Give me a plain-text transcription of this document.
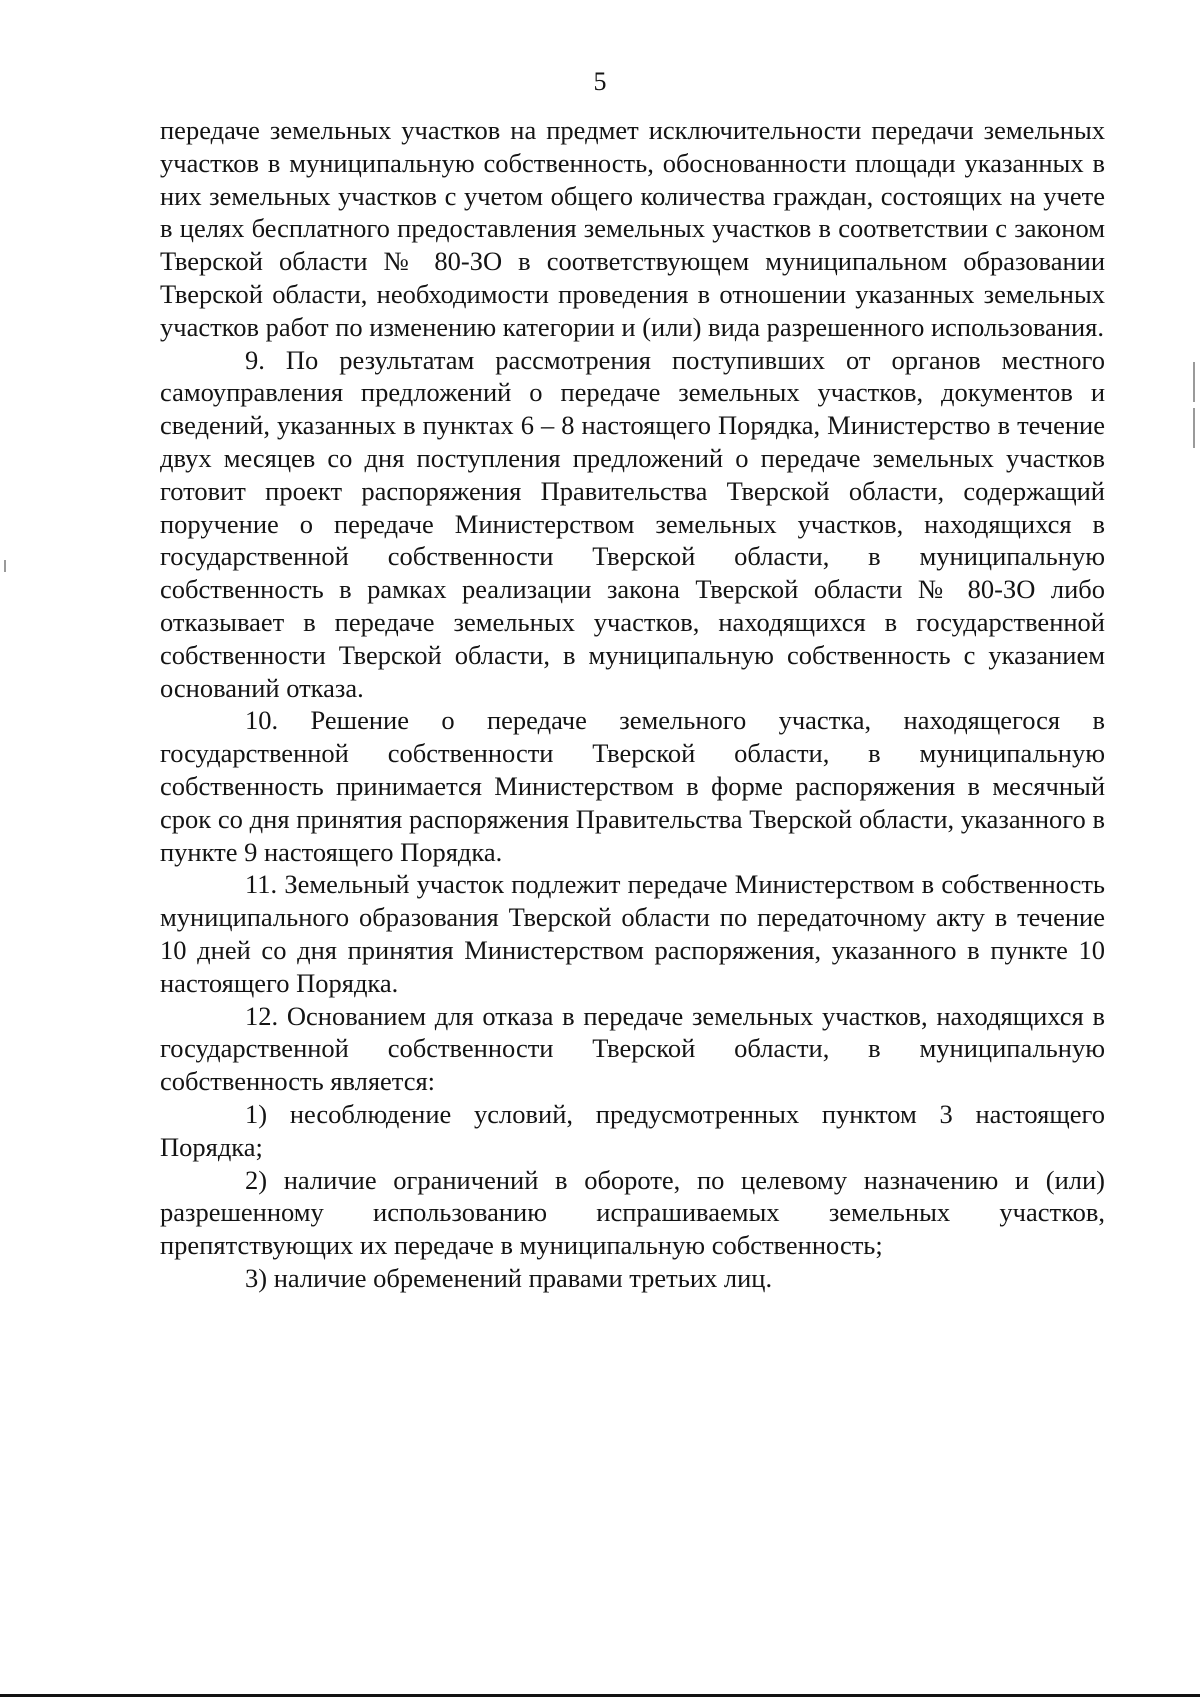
5

передаче земельных участков на предмет исключительности передачи земельных участков в муниципальную собственность, обоснованности площади указанных в них земельных участков с учетом общего количества граждан, состоящих на учете в целях бесплатного предоставления земельных участков в соответствии с законом Тверской области № 80-ЗО в соответствующем муниципальном образовании Тверской области, необходимости проведения в отношении указанных земельных участков работ по изменению категории и (или) вида разрешенного использования.

9. По результатам рассмотрения поступивших от органов местного самоуправления предложений о передаче земельных участков, документов и сведений, указанных в пунктах 6 – 8 настоящего Порядка, Министерство в течение двух месяцев со дня поступления предложений о передаче земельных участков готовит проект распоряжения Правительства Тверской области, содержащий поручение о передаче Министерством земельных участков, находящихся в государственной собственности Тверской области, в муниципальную собственность в рамках реализации закона Тверской области № 80-ЗО либо отказывает в передаче земельных участков, находящихся в государственной собственности Тверской области, в муниципальную собственность с указанием оснований отказа.

10. Решение о передаче земельного участка, находящегося в государственной собственности Тверской области, в муниципальную собственность принимается Министерством в форме распоряжения в месячный срок со дня принятия распоряжения Правительства Тверской области, указанного в пункте 9 настоящего Порядка.

11. Земельный участок подлежит передаче Министерством в собственность муниципального образования Тверской области по передаточному акту в течение 10 дней со дня принятия Министерством распоряжения, указанного в пункте 10 настоящего Порядка.

12. Основанием для отказа в передаче земельных участков, находящихся в государственной собственности Тверской области, в муниципальную собственность является:

1) несоблюдение условий, предусмотренных пунктом 3 настоящего Порядка;

2) наличие ограничений в обороте, по целевому назначению и (или) разрешенному использованию испрашиваемых земельных участков, препятствующих их передаче в муниципальную собственность;

3) наличие обременений правами третьих лиц.
